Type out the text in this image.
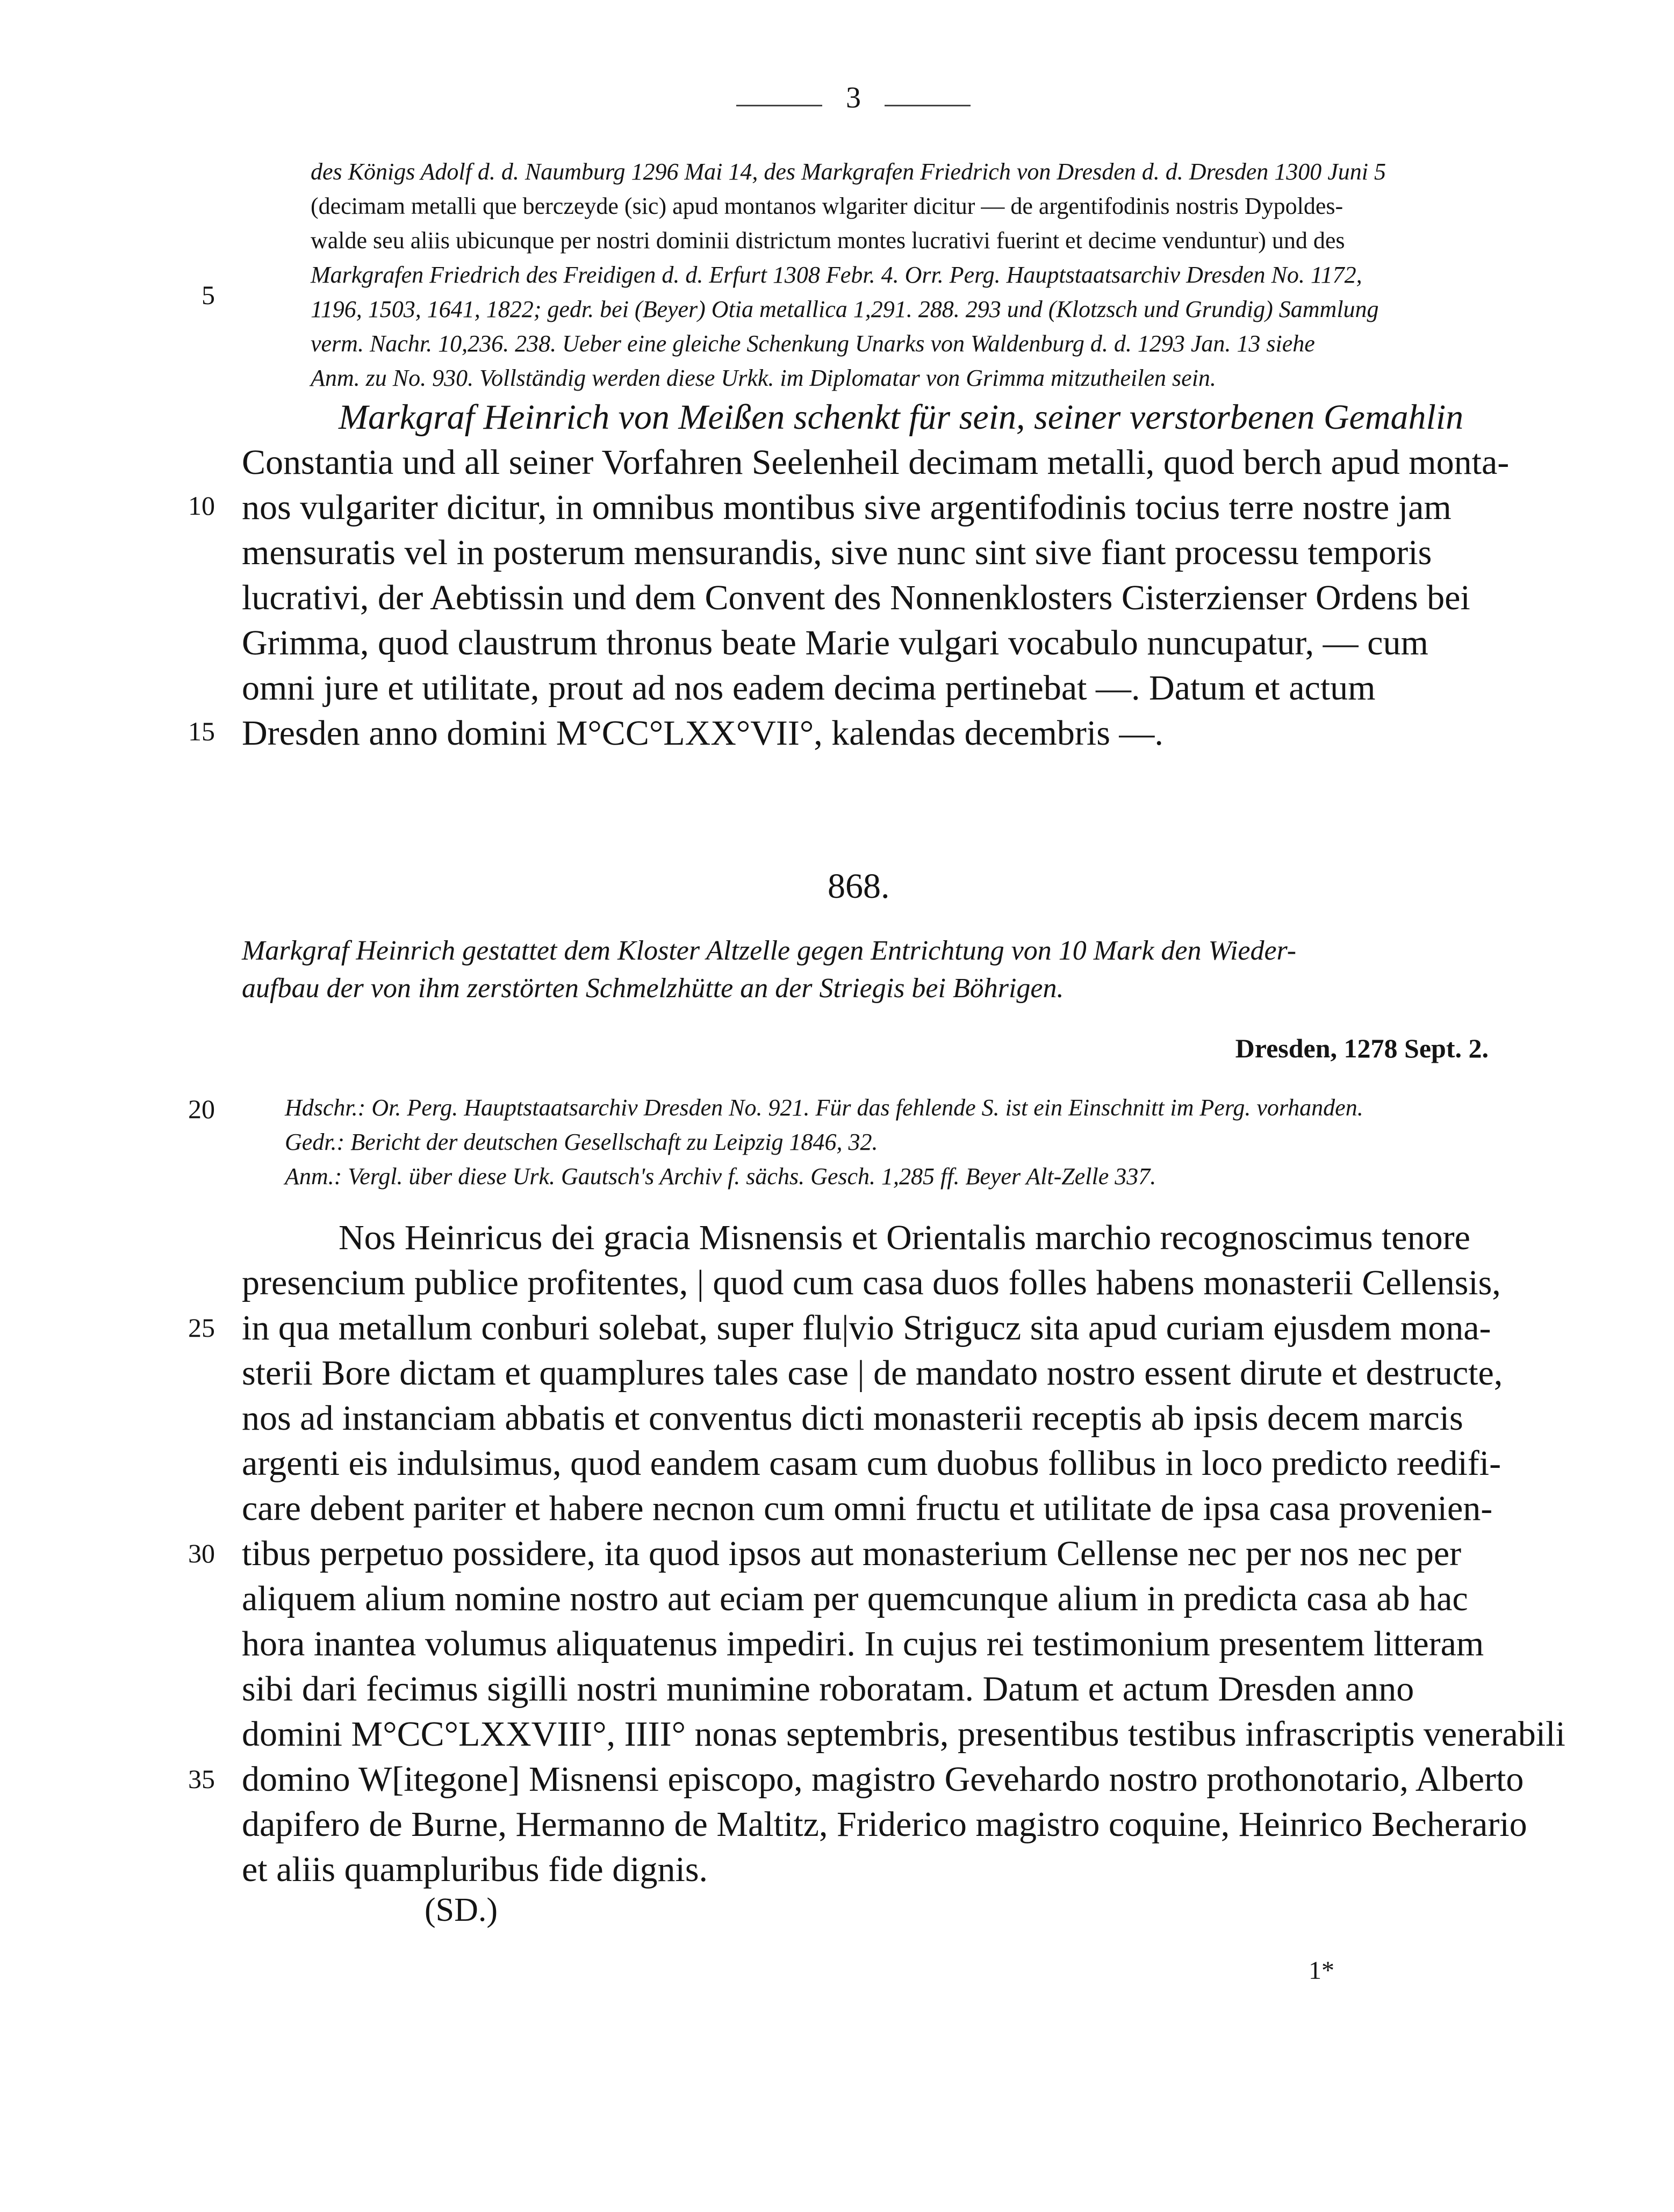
3
des Königs Adolf d. d. Naumburg 1296 Mai 14, des Markgrafen Friedrich von Dresden d. d. Dresden 1300 Juni 5
(decimam metalli que berczeyde (sic) apud montanos wlgariter dicitur — de argentifodinis nostris Dypoldes-
walde seu aliis ubicunque per nostri dominii districtum montes lucrativi fuerint et decime venduntur) und des
Markgrafen Friedrich des Freidigen d. d. Erfurt 1308 Febr. 4. Orr. Perg. Hauptstaatsarchiv Dresden No. 1172,
1196, 1503, 1641, 1822; gedr. bei (Beyer) Otia metallica 1,291. 288. 293 und (Klotzsch und Grundig) Sammlung
verm. Nachr. 10,236. 238. Ueber eine gleiche Schenkung Unarks von Waldenburg d. d. 1293 Jan. 13 siehe
Anm. zu No. 930. Vollständig werden diese Urkk. im Diplomatar von Grimma mitzutheilen sein.
5
Markgraf Heinrich von Meißen schenkt für sein, seiner verstorbenen Gemahlin
Constantia und all seiner Vorfahren Seelenheil decimam metalli, quod berch apud monta-
nos vulgariter dicitur, in omnibus montibus sive argentifodinis tocius terre nostre jam
mensuratis vel in posterum mensurandis, sive nunc sint sive fiant processu temporis
lucrativi, der Aebtissin und dem Convent des Nonnenklosters Cisterzienser Ordens bei
Grimma, quod claustrum thronus beate Marie vulgari vocabulo nuncupatur, — cum
omni jure et utilitate, prout ad nos eadem decima pertinebat —. Datum et actum
Dresden anno domini M°CC°LXX°VII°, kalendas decembris —.
10
15
868.
Markgraf Heinrich gestattet dem Kloster Altzelle gegen Entrichtung von 10 Mark den Wieder-
aufbau der von ihm zerstörten Schmelzhütte an der Striegis bei Böhrigen.
Dresden, 1278 Sept. 2.
20	Hdschr.: Or. Perg. Hauptstaatsarchiv Dresden No. 921. Für das fehlende S. ist ein Einschnitt im Perg. vorhanden.
Gedr.: Bericht der deutschen Gesellschaft zu Leipzig 1846, 32.
Anm.: Vergl. über diese Urk. Gautsch's Archiv f. sächs. Gesch. 1,285 ff. Beyer Alt-Zelle 337.
Nos Heinricus dei gracia Misnensis et Orientalis marchio recognoscimus tenore
presencium publice profitentes, | quod cum casa duos folles habens monasterii Cellensis,
in qua metallum conburi solebat, super flu|vio Strigucz sita apud curiam ejusdem mona-
sterii Bore dictam et quamplures tales case | de mandato nostro essent dirute et destructe,
nos ad instanciam abbatis et conventus dicti monasterii receptis ab ipsis decem marcis
argenti eis indulsimus, quod eandem casam cum duobus follibus in loco predicto reedifi-
care debent pariter et habere necnon cum omni fructu et utilitate de ipsa casa provenien-
tibus perpetuo possidere, ita quod ipsos aut monasterium Cellense nec per nos nec per
aliquem alium nomine nostro aut eciam per quemcunque alium in predicta casa ab hac
hora inantea volumus aliquatenus impediri. In cujus rei testimonium presentem litteram
sibi dari fecimus sigilli nostri munimine roboratam. Datum et actum Dresden anno
domini M°CC°LXXVIII°, IIII° nonas septembris, presentibus testibus infrascriptis venerabili
domino W[itegone] Misnensi episcopo, magistro Gevehardo nostro prothonotario, Alberto
dapifero de Burne, Hermanno de Maltitz, Friderico magistro coquine, Heinrico Becherario
et aliis quampluribus fide dignis.
25
30
35
(SD.)
1*
